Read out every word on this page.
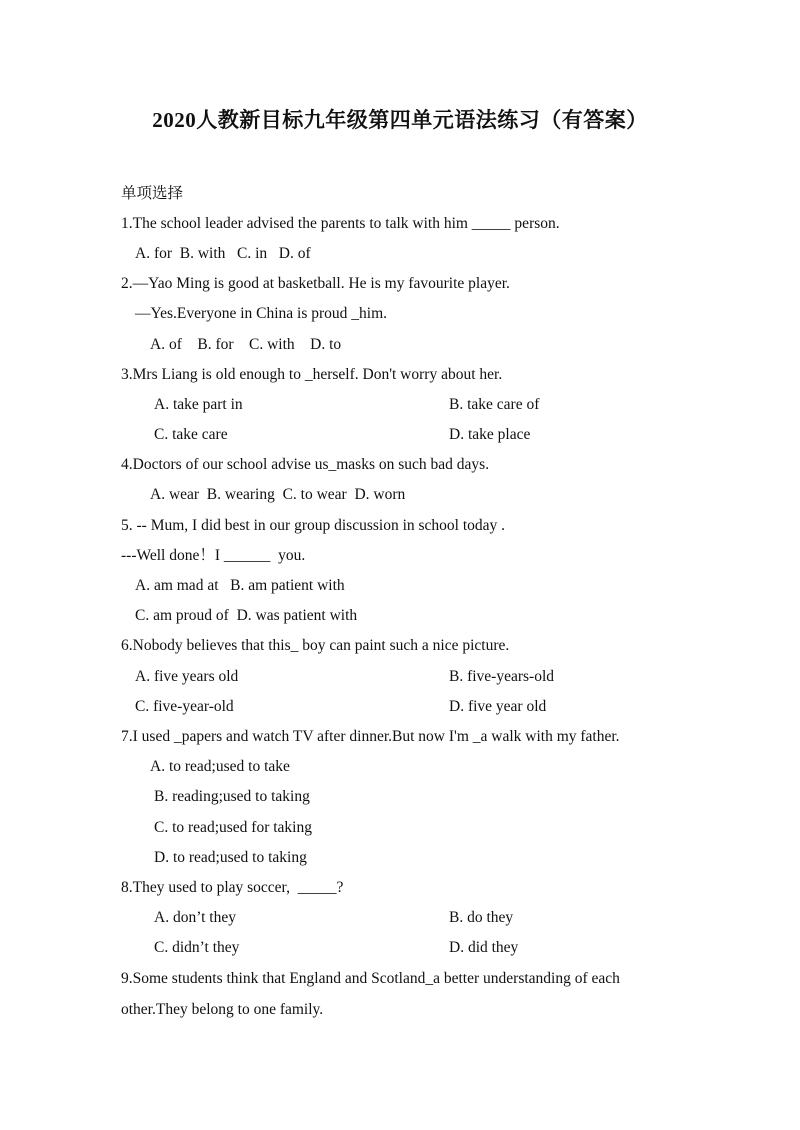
2020人教新目标九年级第四单元语法练习（有答案）
单项选择
1.The school leader advised the parents to talk with him _____ person.
A. for  B. with   C. in   D. of
2.—Yao Ming is good at basketball. He is my favourite player.
—Yes.Everyone in China is proud _him.
A. of    B. for    C. with    D. to
3.Mrs Liang is old enough to _herself. Don't worry about her.
A. take part in	B. take care of
C. take care	D. take place
4.Doctors of our school advise us_masks on such bad days.
A. wear  B. wearing  C. to wear  D. worn
5. -- Mum, I did best in our group discussion in school today .
---Well done！I ______  you.
A. am mad at   B. am patient with
C. am proud of  D. was patient with
6.Nobody believes that this_ boy can paint such a nice picture.
A. five years old	B. five-years-old
C. five-year-old	D. five year old
7.I used _papers and watch TV after dinner.But now I'm _a walk with my father.
A. to read;used to take
B. reading;used to taking
C. to read;used for taking
D. to read;used to taking
8.They used to play soccer,  _____?
A. don’t they	B. do they
C. didn’t they	D. did they
9.Some students think that England and Scotland_a better understanding of each
other.They belong to one family.
